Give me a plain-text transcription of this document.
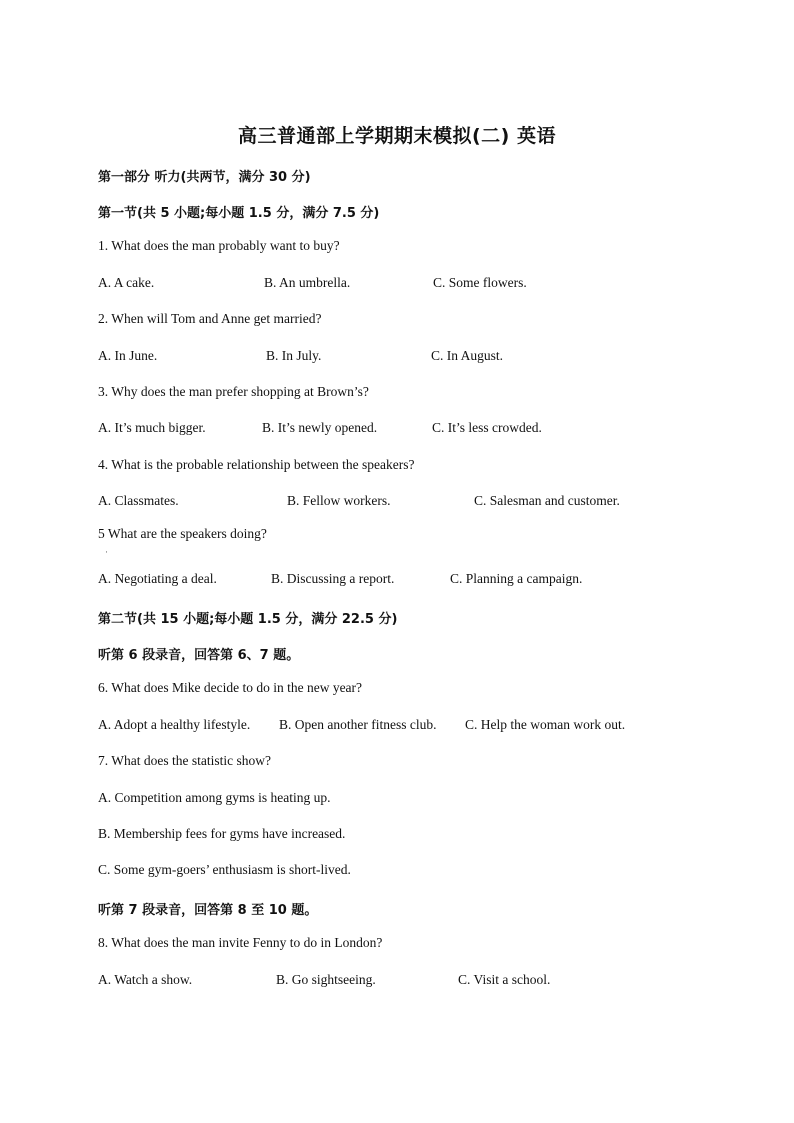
高三普通部上学期期末模拟(二) 英语
第一部分 听力(共两节，满分 30 分)
第一节(共 5 小题;每小题 1.5 分，满分 7.5 分)
1. What does the man probably want to buy?
A. A cake.	B. An umbrella.	C. Some flowers.
2. When will Tom and Anne get married?
A. In June.	B. In July.	C. In August.
3. Why does the man prefer shopping at Brown’s?
A. It’s much bigger.	B. It’s newly opened.	C. It’s less crowded.
4. What is the probable relationship between the speakers?
A. Classmates.	B. Fellow workers.	C. Salesman and customer.
5 What are the speakers doing?
·
A. Negotiating a deal.	B. Discussing a report.	C. Planning a campaign.
第二节(共 15 小题;每小题 1.5 分，满分 22.5 分)
听第 6 段录音，回答第 6、7 题。
6. What does Mike decide to do in the new year?
A. Adopt a healthy lifestyle. B. Open another fitness club. C. Help the woman work out.
7. What does the statistic show?
A. Competition among gyms is heating up.
B. Membership fees for gyms have increased.
C. Some gym-goers’ enthusiasm is short-lived.
听第 7 段录音，回答第 8 至 10 题。
8. What does the man invite Fenny to do in London?
A. Watch a show.	B. Go sightseeing.	C. Visit a school.
